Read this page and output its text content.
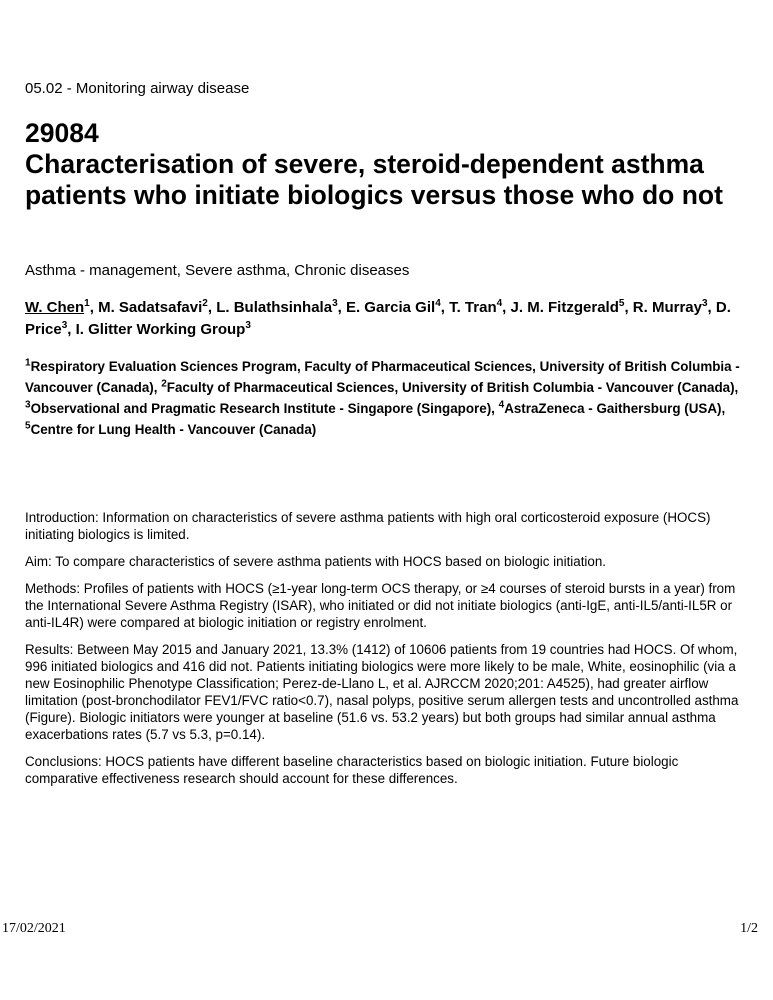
05.02 - Monitoring airway disease

29084
Characterisation of severe, steroid-dependent asthma patients who initiate biologics versus those who do not

Asthma - management, Severe asthma, Chronic diseases

W. Chen$^1$, M. Sadatsafavi$^2$, L. Bulathsinhala$^3$, E. Garcia Gil$^4$, T. Tran$^4$, J. M. Fitzgerald$^5$, R. Murray$^3$, D. Price$^3$, I. Glitter Working Group$^3$

$^1$Respiratory Evaluation Sciences Program, Faculty of Pharmaceutical Sciences, University of British Columbia - Vancouver (Canada), $^2$Faculty of Pharmaceutical Sciences, University of British Columbia - Vancouver (Canada), $^3$Observational and Pragmatic Research Institute - Singapore (Singapore), $^4$AstraZeneca - Gaithersburg (USA), $^5$Centre for Lung Health - Vancouver (Canada)

Introduction: Information on characteristics of severe asthma patients with high oral corticosteroid exposure (HOCS) initiating biologics is limited.

Aim: To compare characteristics of severe asthma patients with HOCS based on biologic initiation.

Methods: Profiles of patients with HOCS (≥1-year long-term OCS therapy, or ≥4 courses of steroid bursts in a year) from the International Severe Asthma Registry (ISAR), who initiated or did not initiate biologics (anti-IgE, anti-IL5/anti-IL5R or anti-IL4R) were compared at biologic initiation or registry enrolment.

Results: Between May 2015 and January 2021, 13.3% (1412) of 10606 patients from 19 countries had HOCS. Of whom, 996 initiated biologics and 416 did not. Patients initiating biologics were more likely to be male, White, eosinophilic (via a new Eosinophilic Phenotype Classification; Perez-de-Llano L, et al. AJRCCM 2020;201: A4525), had greater airflow limitation (post-bronchodilator FEV1/FVC ratio<0.7), nasal polyps, positive serum allergen tests and uncontrolled asthma (Figure). Biologic initiators were younger at baseline (51.6 vs. 53.2 years) but both groups had similar annual asthma exacerbations rates (5.7 vs 5.3, p=0.14).

Conclusions: HOCS patients have different baseline characteristics based on biologic initiation. Future biologic comparative effectiveness research should account for these differences.

17/02/2021	1/2
